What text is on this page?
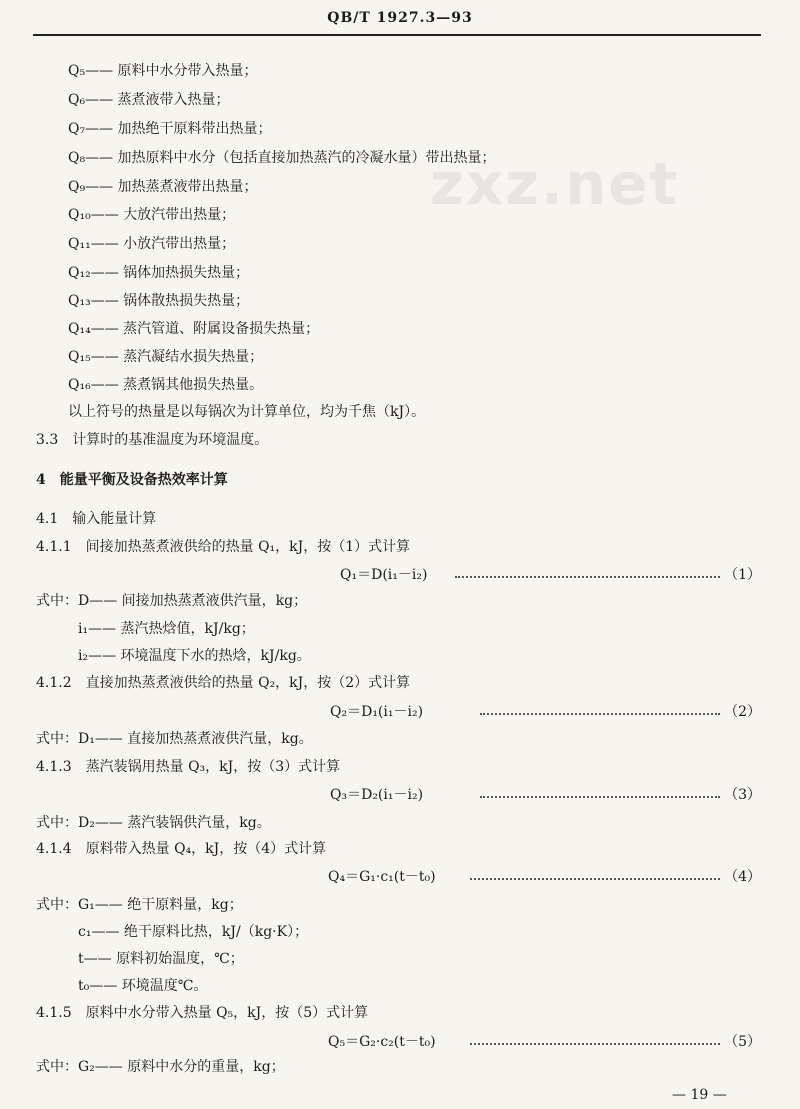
QB/T 1927.3—93
zxz.net
Q₅—— 原料中水分带入热量；
Q₆—— 蒸煮液带入热量；
Q₇—— 加热绝干原料带出热量；
Q₈—— 加热原料中水分（包括直接加热蒸汽的冷凝水量）带出热量；
Q₉—— 加热蒸煮液带出热量；
Q₁₀—— 大放汽带出热量；
Q₁₁—— 小放汽带出热量；
Q₁₂—— 锅体加热损失热量；
Q₁₃—— 锅体散热损失热量；
Q₁₄—— 蒸汽管道、附属设备损失热量；
Q₁₅—— 蒸汽凝结水损失热量；
Q₁₆—— 蒸煮锅其他损失热量。
以上符号的热量是以每锅次为计算单位，均为千焦（kJ）。
3.3　计算时的基准温度为环境温度。
4　能量平衡及设备热效率计算
4.1　输入能量计算
4.1.1　间接加热蒸煮液供给的热量 Q₁，kJ，按（1）式计算
Q₁＝D(i₁－i₂)	（1）
式中：D—— 间接加热蒸煮液供汽量，kg；
i₁—— 蒸汽热焓值，kJ/kg；
i₂—— 环境温度下水的热焓，kJ/kg。
4.1.2　直接加热蒸煮液供给的热量 Q₂，kJ，按（2）式计算
Q₂＝D₁(i₁－i₂)	（2）
式中：D₁—— 直接加热蒸煮液供汽量，kg。
4.1.3　蒸汽装锅用热量 Q₃，kJ，按（3）式计算
Q₃＝D₂(i₁－i₂)	（3）
式中：D₂—— 蒸汽装锅供汽量，kg。
4.1.4　原料带入热量 Q₄，kJ，按（4）式计算
Q₄＝G₁·c₁(t－t₀)	（4）
式中：G₁—— 绝干原料量，kg；
c₁—— 绝干原料比热，kJ/（kg·K）；
t—— 原料初始温度，℃；
t₀—— 环境温度℃。
4.1.5　原料中水分带入热量 Q₅，kJ，按（5）式计算
Q₅＝G₂·c₂(t－t₀)	（5）
式中：G₂—— 原料中水分的重量，kg；
— 19 —
